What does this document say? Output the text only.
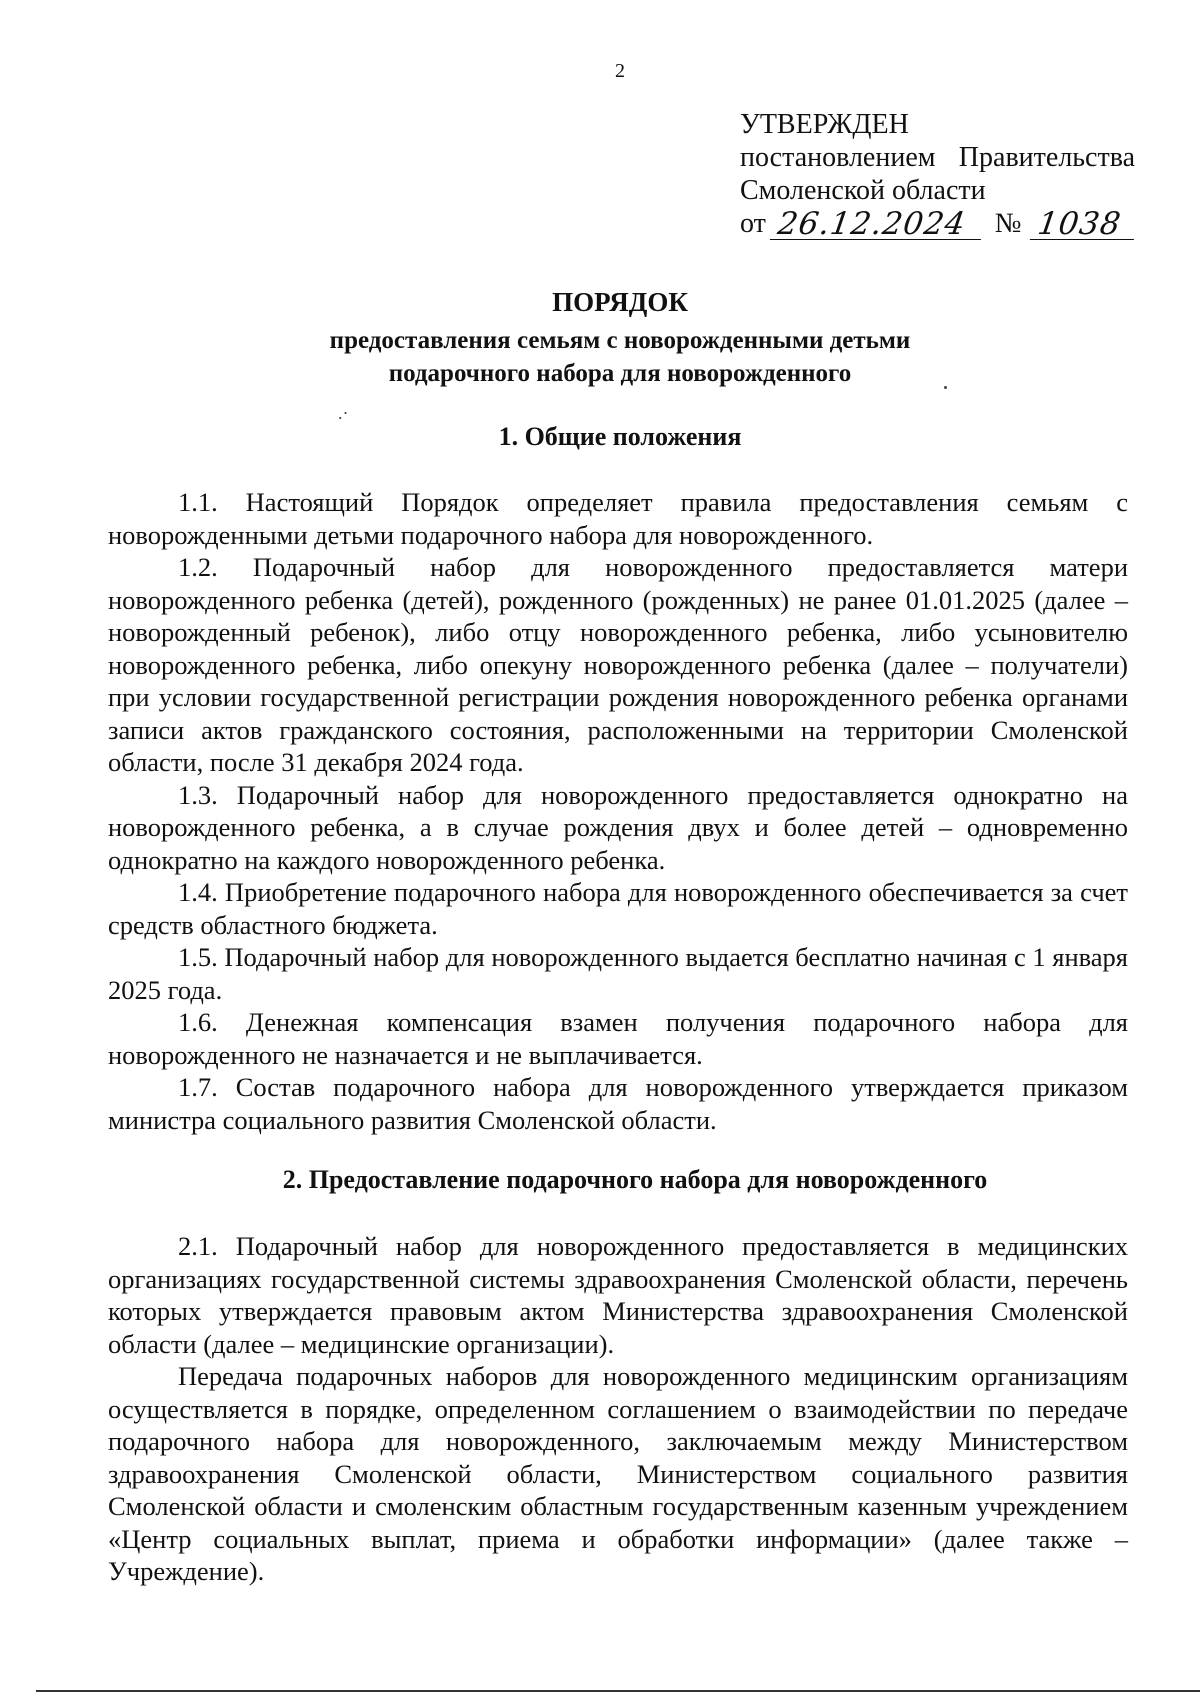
2
УТВЕРЖДЕН
постановлением Правительства
Смоленской области
от 26.12.2024 № 1038
ПОРЯДОК
предоставления семьям с новорожденными детьми
подарочного набора для новорожденного
.·
1. Общие положения

1.1. Настоящий Порядок определяет правила предоставления семьям с новорожденными детьми подарочного набора для новорожденного.

1.2. Подарочный набор для новорожденного предоставляется матери новорожденного ребенка (детей), рожденного (рожденных) не ранее 01.01.2025 (далее – новорожденный ребенок), либо отцу новорожденного ребенка, либо усыновителю новорожденного ребенка, либо опекуну новорожденного ребенка (далее – получатели) при условии государственной регистрации рождения новорожденного ребенка органами записи актов гражданского состояния, расположенными на территории Смоленской области, после 31 декабря 2024 года.

1.3. Подарочный набор для новорожденного предоставляется однократно на новорожденного ребенка, а в случае рождения двух и более детей – одновременно однократно на каждого новорожденного ребенка.

1.4. Приобретение подарочного набора для новорожденного обеспечивается за счет средств областного бюджета.

1.5. Подарочный набор для новорожденного выдается бесплатно начиная с 1 января 2025 года.

1.6. Денежная компенсация взамен получения подарочного набора для новорожденного не назначается и не выплачивается.

1.7. Состав подарочного набора для новорожденного утверждается приказом министра социального развития Смоленской области.

2. Предоставление подарочного набора для новорожденного

2.1. Подарочный набор для новорожденного предоставляется в медицинских организациях государственной системы здравоохранения Смоленской области, перечень которых утверждается правовым актом Министерства здравоохранения Смоленской области (далее – медицинские организации).

Передача подарочных наборов для новорожденного медицинским организациям осуществляется в порядке, определенном соглашением о взаимодействии по передаче подарочного набора для новорожденного, заключаемым между Министерством здравоохранения Смоленской области, Министерством социального развития Смоленской области и смоленским областным государственным казенным учреждением «Центр социальных выплат, приема и обработки информации» (далее также – Учреждение).
